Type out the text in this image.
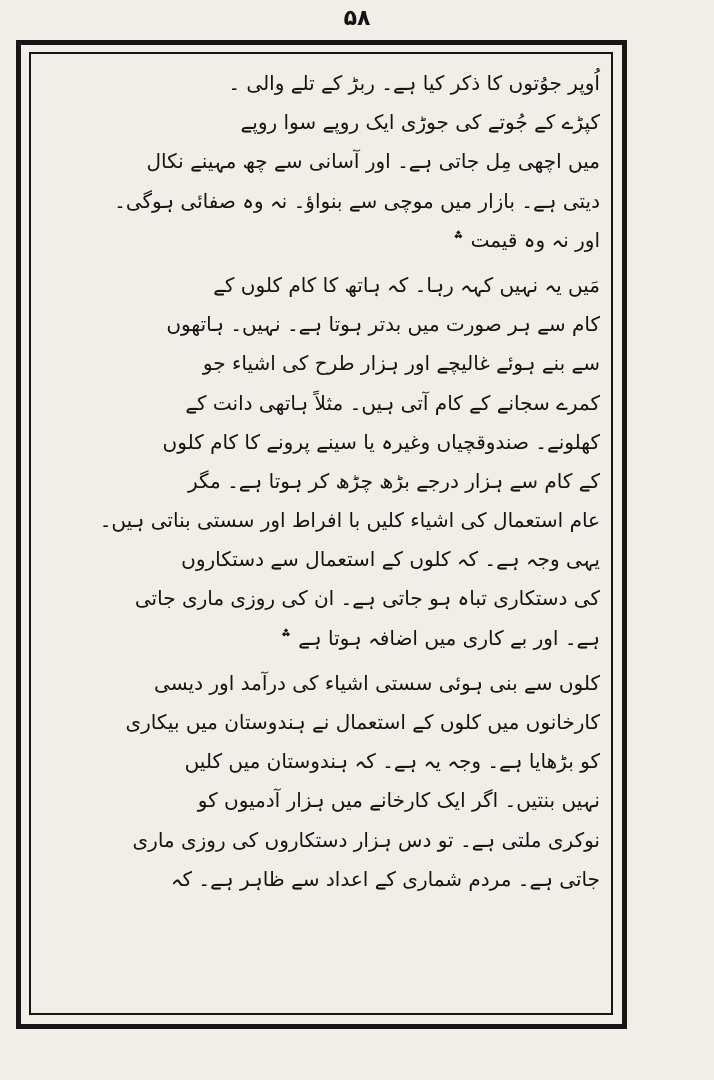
۵۸
اُوپر جوُتوں کا ذکر کیا ہے۔ ربڑ کے تلے والی ۔
کپڑے کے جُوتے کی جوڑی ایک روپے سوا روپے
میں اچھی مِل جاتی ہے۔ اور آسانی سے چھ مہینے نکال
دیتی ہے۔ بازار میں موچی سے بنواؤ۔ نہ وہ صفائی ہوگی۔
اور نہ وہ قیمت ؞
مَیں یہ نہیں کہہ رہا۔ کہ ہاتھ کا کام کلوں کے
کام سے ہر صورت میں بدتر ہوتا ہے۔ نہیں۔ ہاتھوں
سے بنے ہوئے غالیچے اور ہزار طرح کی اشیاء جو
کمرے سجانے کے کام آتی ہیں۔ مثلاً ہاتھی دانت کے
کھلونے۔ صندوقچیاں وغیرہ یا سینے پرونے کا کام کلوں
کے کام سے ہزار درجے بڑھ چڑھ کر ہوتا ہے۔ مگر
عام استعمال کی اشیاء کلیں با افراط اور سستی بناتی ہیں۔
یہی وجہ ہے۔ کہ کلوں کے استعمال سے دستکاروں
کی دستکاری تباہ ہو جاتی ہے۔ ان کی روزی ماری جاتی
ہے۔ اور بے کاری میں اضافہ ہوتا ہے ؞
کلوں سے بنی ہوئی سستی اشیاء کی درآمد اور دیسی
کارخانوں میں کلوں کے استعمال نے ہندوستان میں بیکاری
کو بڑھایا ہے۔ وجہ یہ ہے۔ کہ ہندوستان میں کلیں
نہیں بنتیں۔ اگر ایک کارخانے میں ہزار آدمیوں کو
نوکری ملتی ہے۔ تو دس ہزار دستکاروں کی روزی ماری
جاتی ہے۔ مردم شماری کے اعداد سے ظاہر ہے۔ کہ
